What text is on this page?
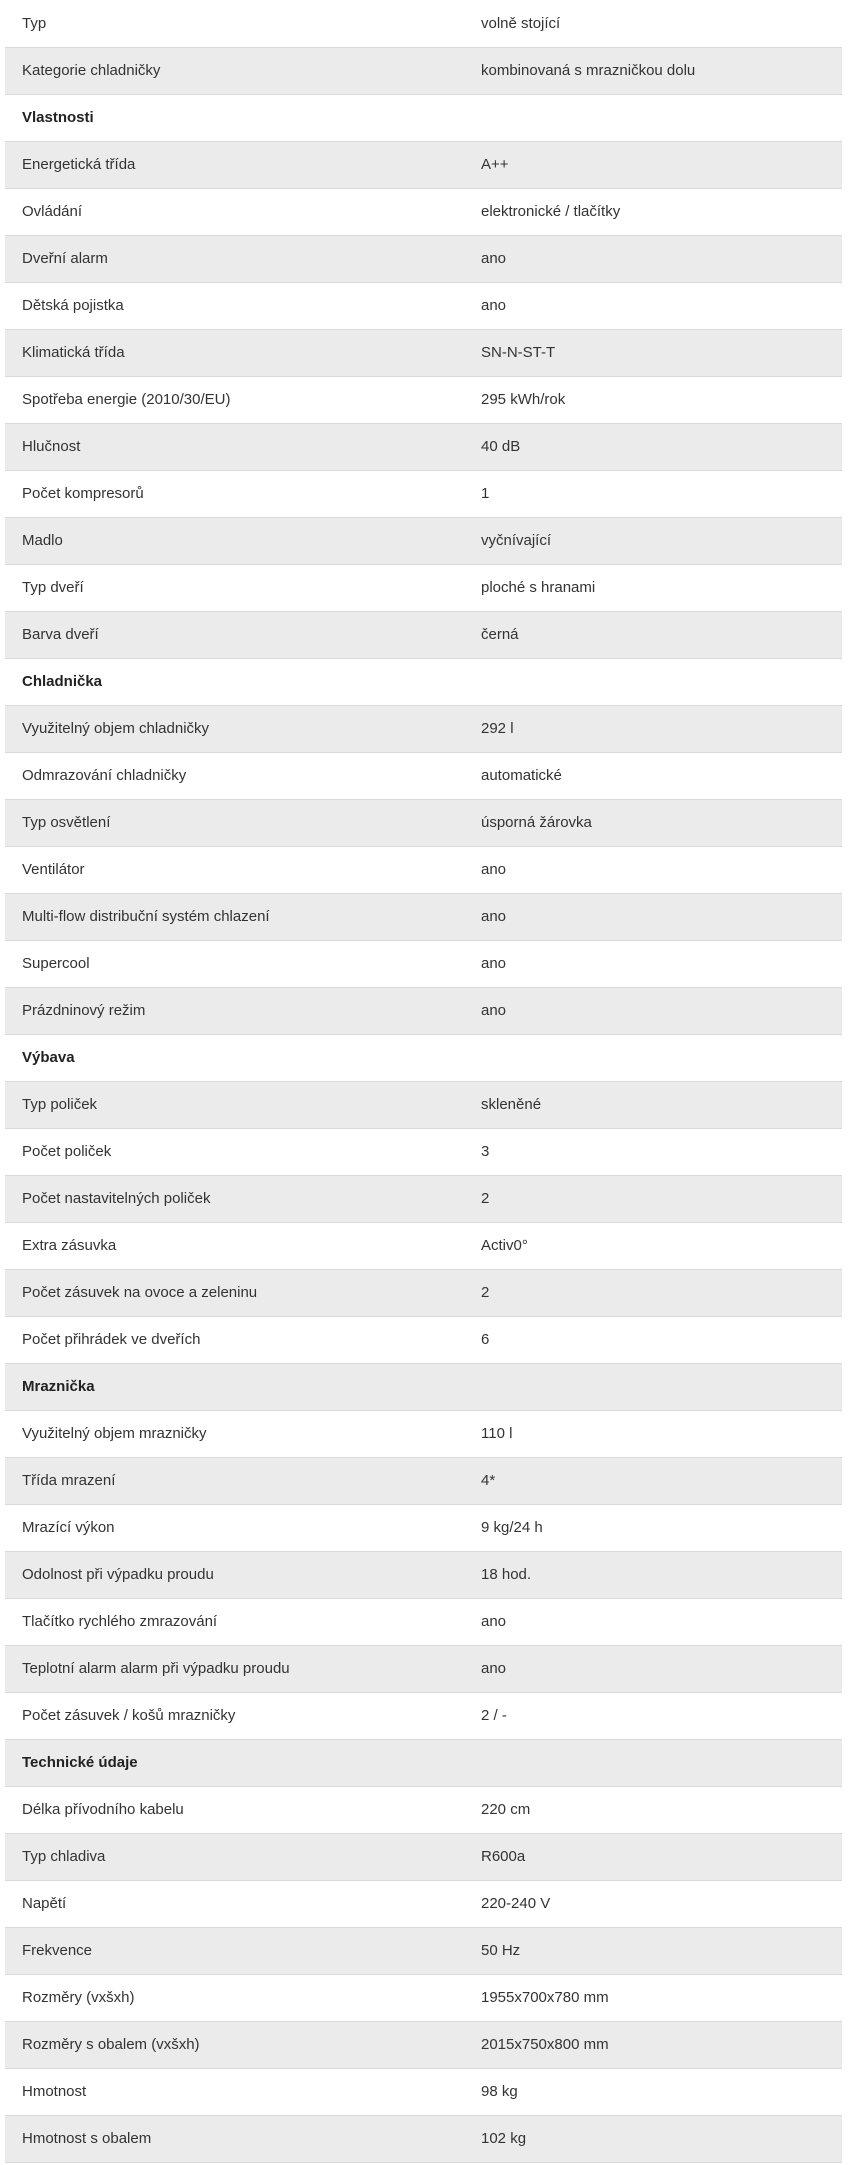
Typ	volně stojící
Kategorie chladničky	kombinovaná s mrazničkou dolu
Vlastnosti	
Energetická třída	A++
Ovládání	elektronické / tlačítky
Dveřní alarm	ano
Dětská pojistka	ano
Klimatická třída	SN-N-ST-T
Spotřeba energie (2010/30/EU)	295 kWh/rok
Hlučnost	40 dB
Počet kompresorů	1
Madlo	vyčnívající
Typ dveří	ploché s hranami
Barva dveří	černá
Chladnička	
Využitelný objem chladničky	292 l
Odmrazování chladničky	automatické
Typ osvětlení	úsporná žárovka
Ventilátor	ano
Multi-flow distribuční systém chlazení	ano
Supercool	ano
Prázdninový režim	ano
Výbava	
Typ poliček	skleněné
Počet poliček	3
Počet nastavitelných poliček	2
Extra zásuvka	Activ0°
Počet zásuvek na ovoce a zeleninu	2
Počet přihrádek ve dveřích	6
Mraznička	
Využitelný objem mrazničky	110 l
Třída mrazení	4*
Mrazící výkon	9 kg/24 h
Odolnost při výpadku proudu	18 hod.
Tlačítko rychlého zmrazování	ano
Teplotní alarm alarm při výpadku proudu	ano
Počet zásuvek / košů mrazničky	2 / -
Technické údaje	
Délka přívodního kabelu	220 cm
Typ chladiva	R600a
Napětí	220-240 V
Frekvence	50 Hz
Rozměry (vxšxh)	1955x700x780 mm
Rozměry s obalem (vxšxh)	2015x750x800 mm
Hmotnost	98 kg
Hmotnost s obalem	102 kg
